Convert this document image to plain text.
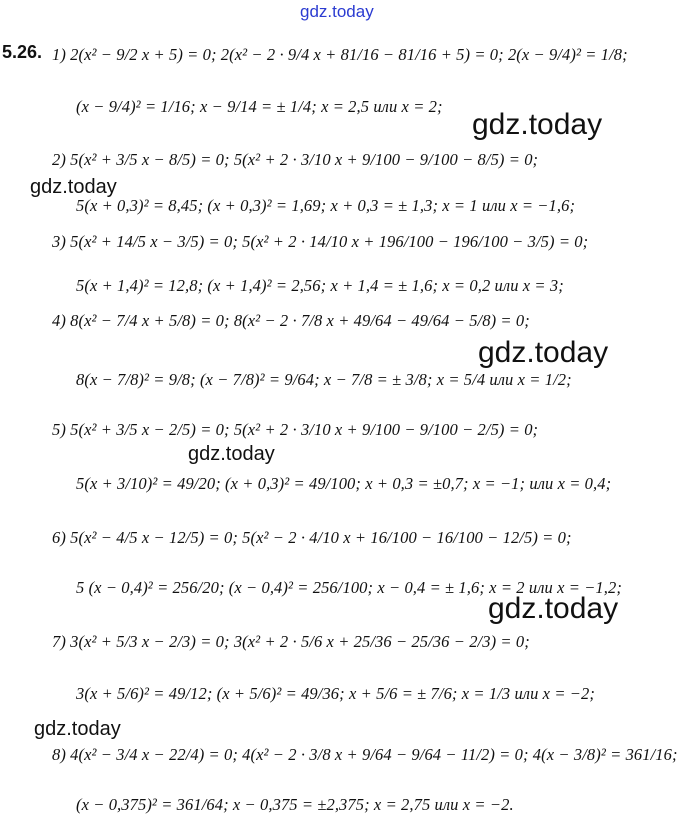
gdz.today
5.26. 1) 2(x² − 9/2 x + 5) = 0; 2(x² − 2 · 9/4 x + 81/16 − 81/16 + 5) = 0; 2(x − 9/4)² = 1/8;
(x − 9/4)² = 1/16; x − 9/14 = ± 1/4; x = 2,5 или x = 2;
gdz.today
2) 5(x² + 3/5 x − 8/5) = 0; 5(x² + 2 · 3/10 x + 9/100 − 9/100 − 8/5) = 0;
gdz.today
5(x + 0,3)² = 8,45; (x + 0,3)² = 1,69; x + 0,3 = ± 1,3; x = 1 или x = −1,6;
3) 5(x² + 14/5 x − 3/5) = 0; 5(x² + 2 · 14/10 x + 196/100 − 196/100 − 3/5) = 0;
5(x + 1,4)² = 12,8; (x + 1,4)² = 2,56; x + 1,4 = ± 1,6; x = 0,2 или x = 3;
4) 8(x² − 7/4 x + 5/8) = 0; 8(x² − 2 · 7/8 x + 49/64 − 49/64 − 5/8) = 0;
gdz.today
8(x − 7/8)² = 9/8; (x − 7/8)² = 9/64; x − 7/8 = ± 3/8; x = 5/4 или x = 1/2;
5) 5(x² + 3/5 x − 2/5) = 0; 5(x² + 2 · 3/10 x + 9/100 − 9/100 − 2/5) = 0;
gdz.today
5(x + 3/10)² = 49/20; (x + 0,3)² = 49/100; x + 0,3 = ±0,7; x = −1; или x = 0,4;
6) 5(x² − 4/5 x − 12/5) = 0; 5(x² − 2 · 4/10 x + 16/100 − 16/100 − 12/5) = 0;
5 (x − 0,4)² = 256/20; (x − 0,4)² = 256/100; x − 0,4 = ± 1,6; x = 2 или x = −1,2;
gdz.today
7) 3(x² + 5/3 x − 2/3) = 0; 3(x² + 2 · 5/6 x + 25/36 − 25/36 − 2/3) = 0;
3(x + 5/6)² = 49/12; (x + 5/6)² = 49/36; x + 5/6 = ± 7/6; x = 1/3 или x = −2;
gdz.today
8) 4(x² − 3/4 x − 22/4) = 0; 4(x² − 2 · 3/8 x + 9/64 − 9/64 − 11/2) = 0; 4(x − 3/8)² = 361/16;
(x − 0,375)² = 361/64; x − 0,375 = ±2,375; x = 2,75 или x = −2.
